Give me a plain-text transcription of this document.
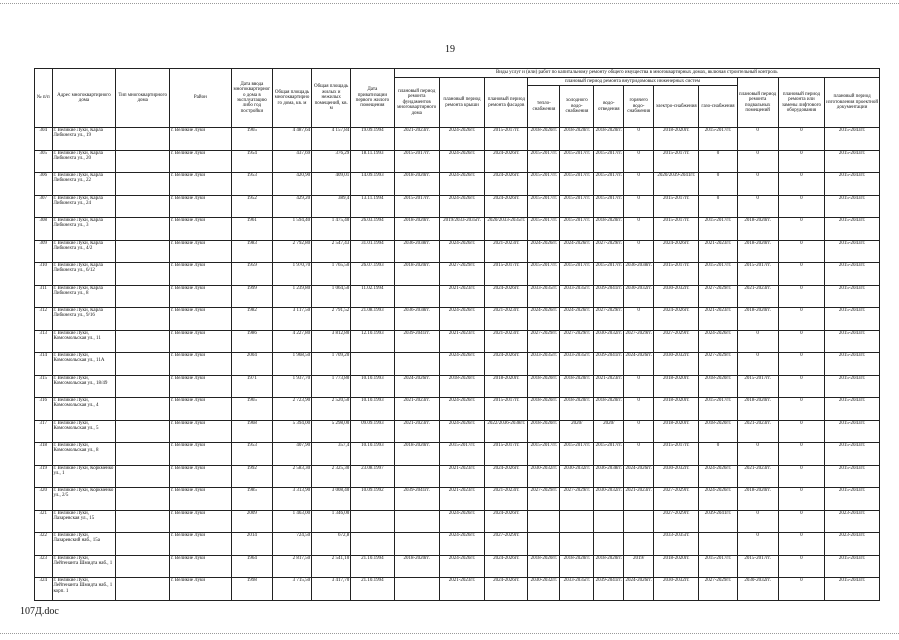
19
№ п/п	Адрес многоквартирного дома	Тип многоквартирного дома	Район	Дата ввода многоквартирного дома в эксплуатацию либо год постройки	Общая площадь многоквартирного дома, кв. м	Общая площадь жилых и нежилых помещений, кв. м	Дата приватизации первого жилого помещения	Виды услуг и (или) работ по капитальному ремонту общего имущества в многоквартирных домах, включая строительный контроль											
								плановый период ремонта фундаментов многоквартирного дома	плановый период ремонта крыши	плановый период ремонта фасадов	плановый период ремонта внутридомовых инженерных систем						плановый период ремонта подвальных помещений	плановый период ремонта или замены лифтового оборудования	плановый период изготовления проектной документации
											тепло-снабжения	холодного водо-снабжения	водо-отведения	горячего водо-снабжения	электро-снабжения	газо-снабжения			
304	г. Великие Луки, Карла Либкнехта ул., 19		г. Великие Луки	1965	4 487,64	4 157,84	19.09.1994	2021-2023гг.	2024-2026гг.	2015-2017гг.	2018-2020гг.	2018-2020гг.	2018-2020гг.	0	2018-2020гг.	2015-2017гг.	0	0	2015-2043гг.
305	г. Великие Луки, Карла Либкнехта ул., 20		г. Великие Луки	1954	437,69	376,29	18.11.1993	2015-2017гг.	2024-2026гг.	2024-2026гг.	2015-2017гг.	2015-2017гг.	2015-2017гг.	0	2015-2017гг.	0	0	0	2015-2043гг.
306	г. Великие Луки, Карла Либкнехта ул., 22		г. Великие Луки	1953	420,90	409,01	14.09.1993	2018-2020гг.	2024-2026гг.	2024-2026гг.	2015-2017гг.	2015-2017гг.	2015-2017гг.	0	2020/2039-2041гг.	0	0	0	2015-2043гг.
307	г. Великие Луки, Карла Либкнехта ул., 24		г. Великие Луки	1952	429,20	389,4	13.11.1994	2015-2017гг.	2024-2026гг.	2024-2026гг.	2015-2017гг.	2015-2017гг.	2015-2017гг.	0	2015-2017гг.	0	0	0	2015-2043гг.
308	г. Великие Луки, Карла Либкнехта ул., 3		г. Великие Луки	1961	1 594,40	1 475,40	26.03.1994	2018-2020гг.	2019/2033-2035гг.	2020/2033-2035гг.	2015-2017гг.	2015-2017гг.	2018-2020гг.	0	2015-2017гг.	2015-2017гг.	2018-2020гг.	0	2015-2043гг.
309	г. Великие Луки, Карла Либкнехта ул., 4/2		г. Великие Луки	1983	2 792,80	2 547,43	31.01.1994	2036-2038гг.	2024-2026гг.	2021-2023гг.	2024-2026гг.	2024-2026гг.	2027-2029гг.	0	2024-2026гг.	2021-2023гг.	2018-2020гг.	0	2015-2043гг.
310	г. Великие Луки, Карла Либкнехта ул., 6/12		г. Великие Луки	1959	1 970,70	1 765,50	26.07.1993	2018-2020гг.	2027-2029гг.	2015-2017гг.	2015-2017гг.	2015-2017гг.	2015-2017гг.	2036-2038гг.	2015-2017гг.	2015-2017гг.	2015-2017гг.	0	2015-2043гг.
311	г. Великие Луки, Карла Либкнехта ул., 8		г. Великие Луки	1999	1 239,80	1 064,50	11.02.1994		2021-2023гг.	2024-2026гг.	2033-2035гг.	2033-2035гг.	2039-2041гг.	2030-2032гг.	2030-2032гг.	2027-2029гг.	2021-2023гг.	0	2015-2043гг.
312	г. Великие Луки, Карла Либкнехта ул., 9/16		г. Великие Луки	1982	3 117,50	2 791,52	21.08.1993	2036-2038гг.	2024-2026гг.	2021-2023гг.	2024-2026гг.	2024-2026гг.	2027-2029гг.	0	2024-2026гг.	2021-2023гг.	2018-2020гг.	0	2015-2043гг.
313	г. Великие Луки, Комсомольская ул., 11		г. Великие Луки	1986	4 227,80	3 812,80	12.10.1993	2039-2041гг.	2021-2023гг.	2021-2023гг.	2027-2029гг.	2027-2029гг.	2030-2032гг.	2027-2029гг.	2027-2029гг.	2024-2026гг.	0	0	2015-2043гг.
314	г. Великие Луки, Комсомольская ул., 11А		г. Великие Луки	2004	1 968,50	1 709,20			2024-2026гг.	2024-2026гг.	2033-2035гг.	2033-2035гг.	2039-2041гг.	2024-2026гг.	2030-2032гг.	2027-2029гг.	0	0	2015-2043гг.
315	г. Великие Луки, Комсомольская ул., 18/49		г. Великие Луки	1971	1 937,70	1 773,80	10.10.1993	2024-2026гг.	2018-2020гг.	2018-2020гг.	2018-2020гг.	2018-2020гг.	2021-2023гг.	0	2018-2020гг.	2018-2020гг.	2015-2017гг.	0	2015-2043гг.
316	г. Великие Луки, Комсомольская ул., 4		г. Великие Луки	1965	2 723,90	2 520,50	10.10.1993	2021-2023гг.	2024-2026гг.	2015-2017гг.	2018-2020гг.	2018-2020гг.	2018-2020гг.	0	2018-2020гг.	2015-2017гг.	2018-2020гг.	0	2015-2043гг.
317	г. Великие Луки, Комсомольская ул., 5		г. Великие Луки	1968	5 394,00	5 298,00	09.09.1993	2021-2023гг.	2024-2026гг.	2022/2036-2038гг.	2018-2020гг.	2020/	2020/	0	2018-2020гг.	2018-2020гг.	2021-2023гг.	0	2015-2043гг.
318	г. Великие Луки, Комсомольская ул., 8		г. Великие Луки	1953	407,90	357,4	10.10.1993	2018-2020гг.	2015-2017гг.	2015-2017гг.	2015-2017гг.	2015-2017гг.	2015-2017гг.	0	2015-2017гг.	0	0	0	2015-2043гг.
319	г. Великие Луки, Коркменко ул., 1		г. Великие Луки	1992	2 583,30	2 325,30	23.08.1997		2021-2023гг.	2024-2026гг.	2030-2032гг.	2030-2032гг.	2036-2038гг.	2024-2026гг.	2030-2032гг.	2024-2026гг.	2021-2023гг.	0	2015-2043гг.
320	г. Великие Луки, Коркменко ул., 2/5		г. Великие Луки	1985	3 313,90	3 008,40	10.09.1992	2039-2041гг.	2021-2023гг.	2021-2023гг.	2027-2029гг.	2027-2029гг.	2030-2032гг.	2021-2023гг.	2027-2029гг.	2024-2026гг.	2018-2020гг.	0	2015-2043гг.
321	г. Великие Луки, Лазаревская ул., 15		г. Великие Луки	2009	1 463,00	1 346,00			2024-2026гг.	2024-2026гг.					2027-2029гг.	2039-2041гг.	0	0	2023-2043гг.
322	г. Великие Луки, Лазаревский наб., 15а		г. Великие Луки	2014	724,50	672,8			2024-2026гг.	2027-2029гг.					2033-2035гг.		0	0	2023-2043гг.
323	г. Великие Луки, Лейтенанта Шмидта наб., 1		г. Великие Луки	1964	2 817,50	2 541,10	21.10.1994	2018-2020гг.	2024-2026гг.	2024-2026гг.	2018-2020гг.	2018-2020гг.	2018-2020гг.	2019/	2018-2020гг.	2015-2017гг.	2015-2017гг.	0	2015-2043гг.
324	г. Великие Луки, Лейтенанта Шмидта наб., 1 корп. 1		г. Великие Луки	1998	3 715,50	3 417,70	21.10.1994		2021-2023гг.	2024-2026гг.	2030-2032гг.	2033-2035гг.	2039-2041гг.	2024-2026гг.	2030-2032гг.	2027-2029гг.	2030-2032гг.	0	2015-2043гг.
107Д.doc
